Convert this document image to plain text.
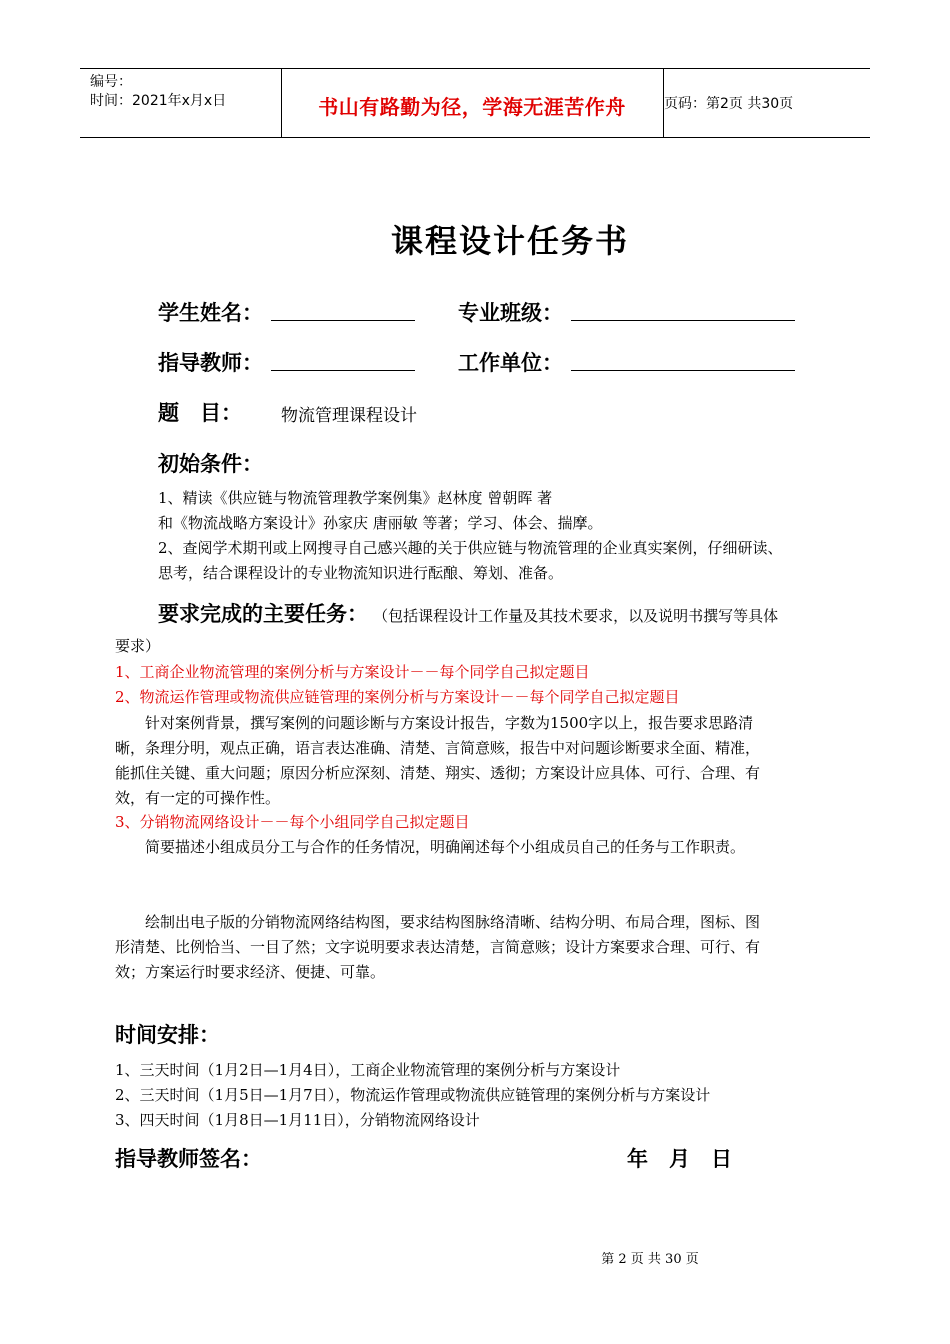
编号：
时间：2021年x月x日	书山有路勤为径，学海无涯苦作舟	页码：第2页 共30页
课程设计任务书
学生姓名：	专业班级：
指导教师：	工作单位：
题　目： 物流管理课程设计
初始条件：
1、精读《供应链与物流管理教学案例集》赵林度 曾朝晖 著
和《物流战略方案设计》孙家庆 唐丽敏 等著；学习、体会、揣摩。
2、查阅学术期刊或上网搜寻自己感兴趣的关于供应链与物流管理的企业真实案例，仔细研读、
思考，结合课程设计的专业物流知识进行酝酿、筹划、准备。
要求完成的主要任务： （包括课程设计工作量及其技术要求，以及说明书撰写等具体
要求）
1、工商企业物流管理的案例分析与方案设计－－每个同学自己拟定题目
2、物流运作管理或物流供应链管理的案例分析与方案设计－－每个同学自己拟定题目
针对案例背景，撰写案例的问题诊断与方案设计报告，字数为1500字以上，报告要求思路清
晰，条理分明，观点正确，语言表达准确、清楚、言简意赅，报告中对问题诊断要求全面、精准，
能抓住关键、重大问题；原因分析应深刻、清楚、翔实、透彻；方案设计应具体、可行、合理、有
效，有一定的可操作性。
3、分销物流网络设计－－每个小组同学自己拟定题目
简要描述小组成员分工与合作的任务情况，明确阐述每个小组成员自己的任务与工作职责。
绘制出电子版的分销物流网络结构图，要求结构图脉络清晰、结构分明、布局合理，图标、图
形清楚、比例恰当、一目了然；文字说明要求表达清楚，言简意赅；设计方案要求合理、可行、有
效；方案运行时要求经济、便捷、可靠。
时间安排：
1、三天时间（1月2日—1月4日），工商企业物流管理的案例分析与方案设计
2、三天时间（1月5日—1月7日），物流运作管理或物流供应链管理的案例分析与方案设计
3、四天时间（1月8日—1月11日），分销物流网络设计
指导教师签名：	年　月　日
第 2 页 共 30 页
